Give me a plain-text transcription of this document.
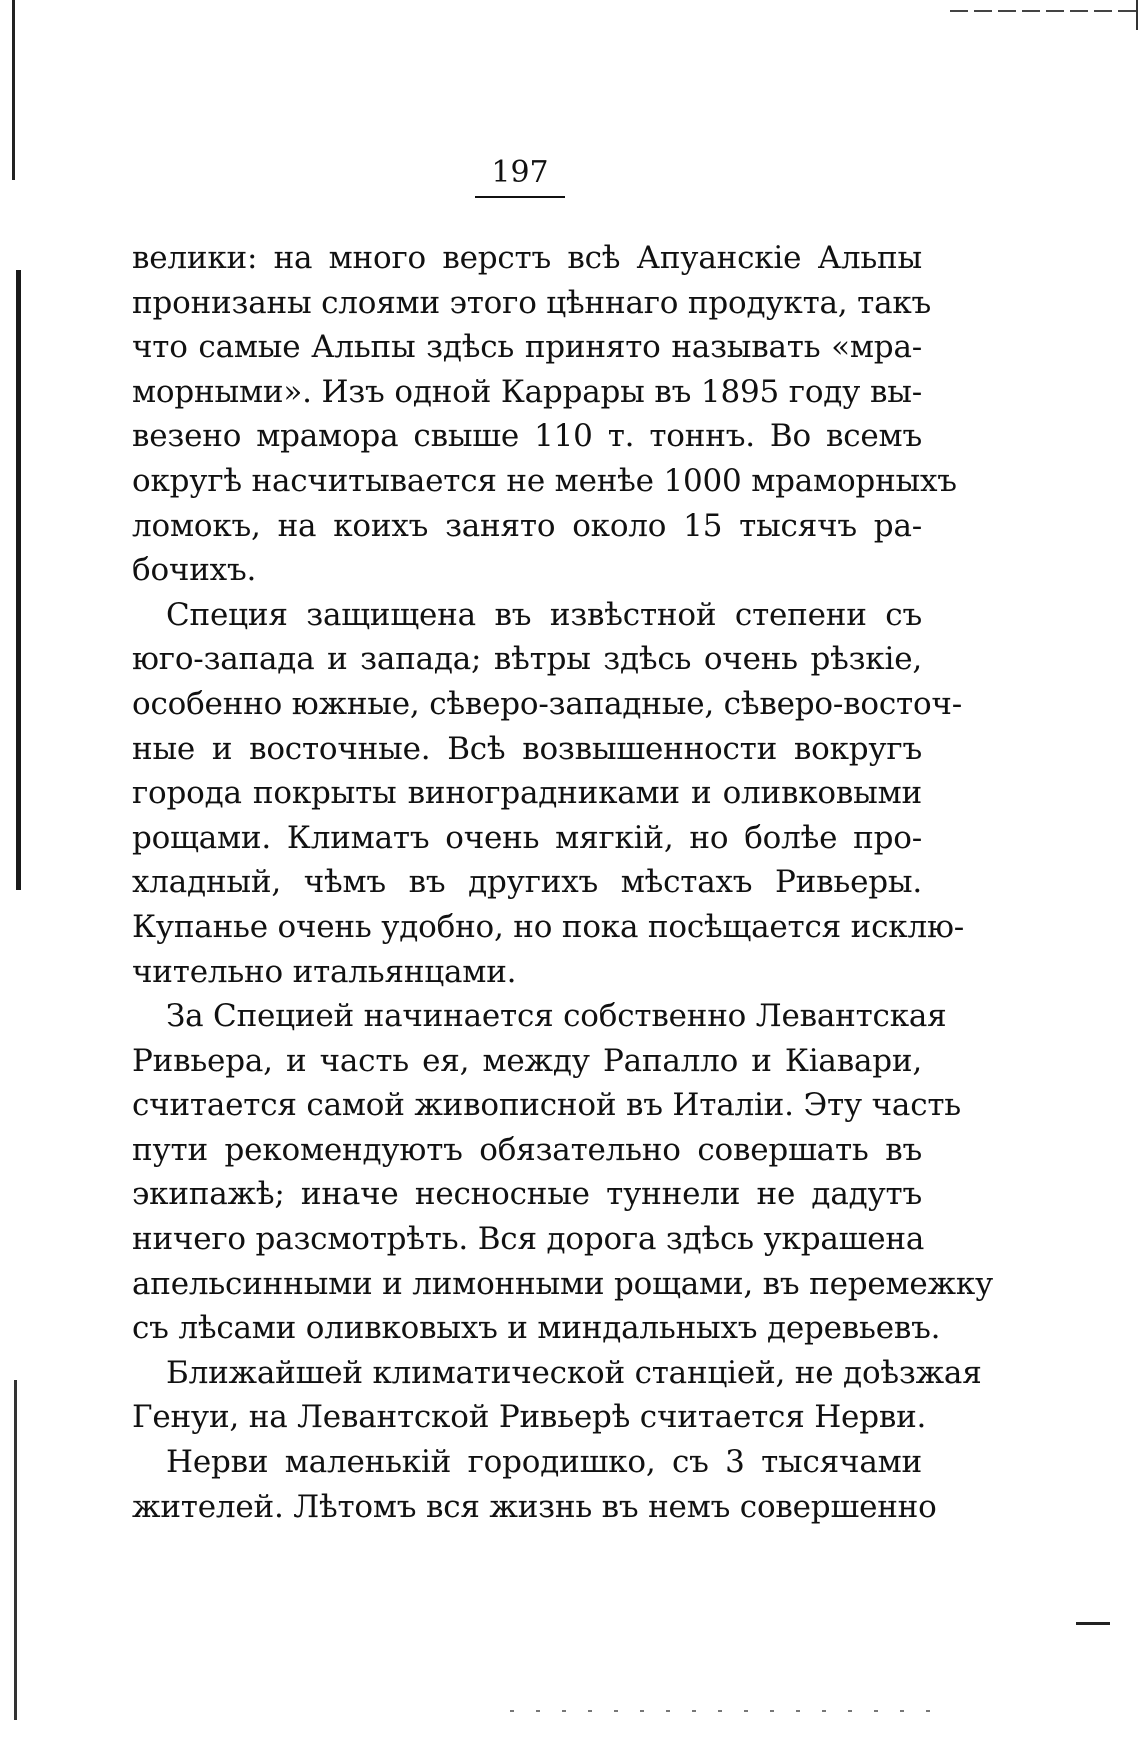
197
велики: на много верстъ всѣ Апуанскіе Альпы
пронизаны слоями этого цѣннаго продукта, такъ
что самые Альпы здѣсь принято называть «мра-
морными». Изъ одной Каррары въ 1895 году вы-
везено мрамора свыше 110 т. тоннъ. Во всемъ
округѣ насчитывается не менѣе 1000 мраморныхъ
ломокъ, на коихъ занято около 15 тысячъ ра-
бочихъ.
Специя защищена въ извѣстной степени съ
юго-запада и запада; вѣтры здѣсь очень рѣзкіе,
особенно южные, сѣверо-западные, сѣверо-восточ-
ные и восточные. Всѣ возвышенности вокругъ
города покрыты виноградниками и оливковыми
рощами. Климатъ очень мягкій, но болѣе про-
хладный, чѣмъ въ другихъ мѣстахъ Ривьеры.
Купанье очень удобно, но пока посѣщается исклю-
чительно итальянцами.
За Специей начинается собственно Левантская
Ривьера, и часть ея, между Рапалло и Кіавари,
считается самой живописной въ Италіи. Эту часть
пути рекомендуютъ обязательно совершать въ
экипажѣ; иначе несносные туннели не дадутъ
ничего разсмотрѣть. Вся дорога здѣсь украшена
апельсинными и лимонными рощами, въ перемежку
съ лѣсами оливковыхъ и миндальныхъ деревьевъ.
Ближайшей климатической станціей, не доѣзжая
Генуи, на Левантской Ривьерѣ считается Нерви.
Нерви маленькій городишко, съ 3 тысячами
жителей. Лѣтомъ вся жизнь въ немъ совершенно
